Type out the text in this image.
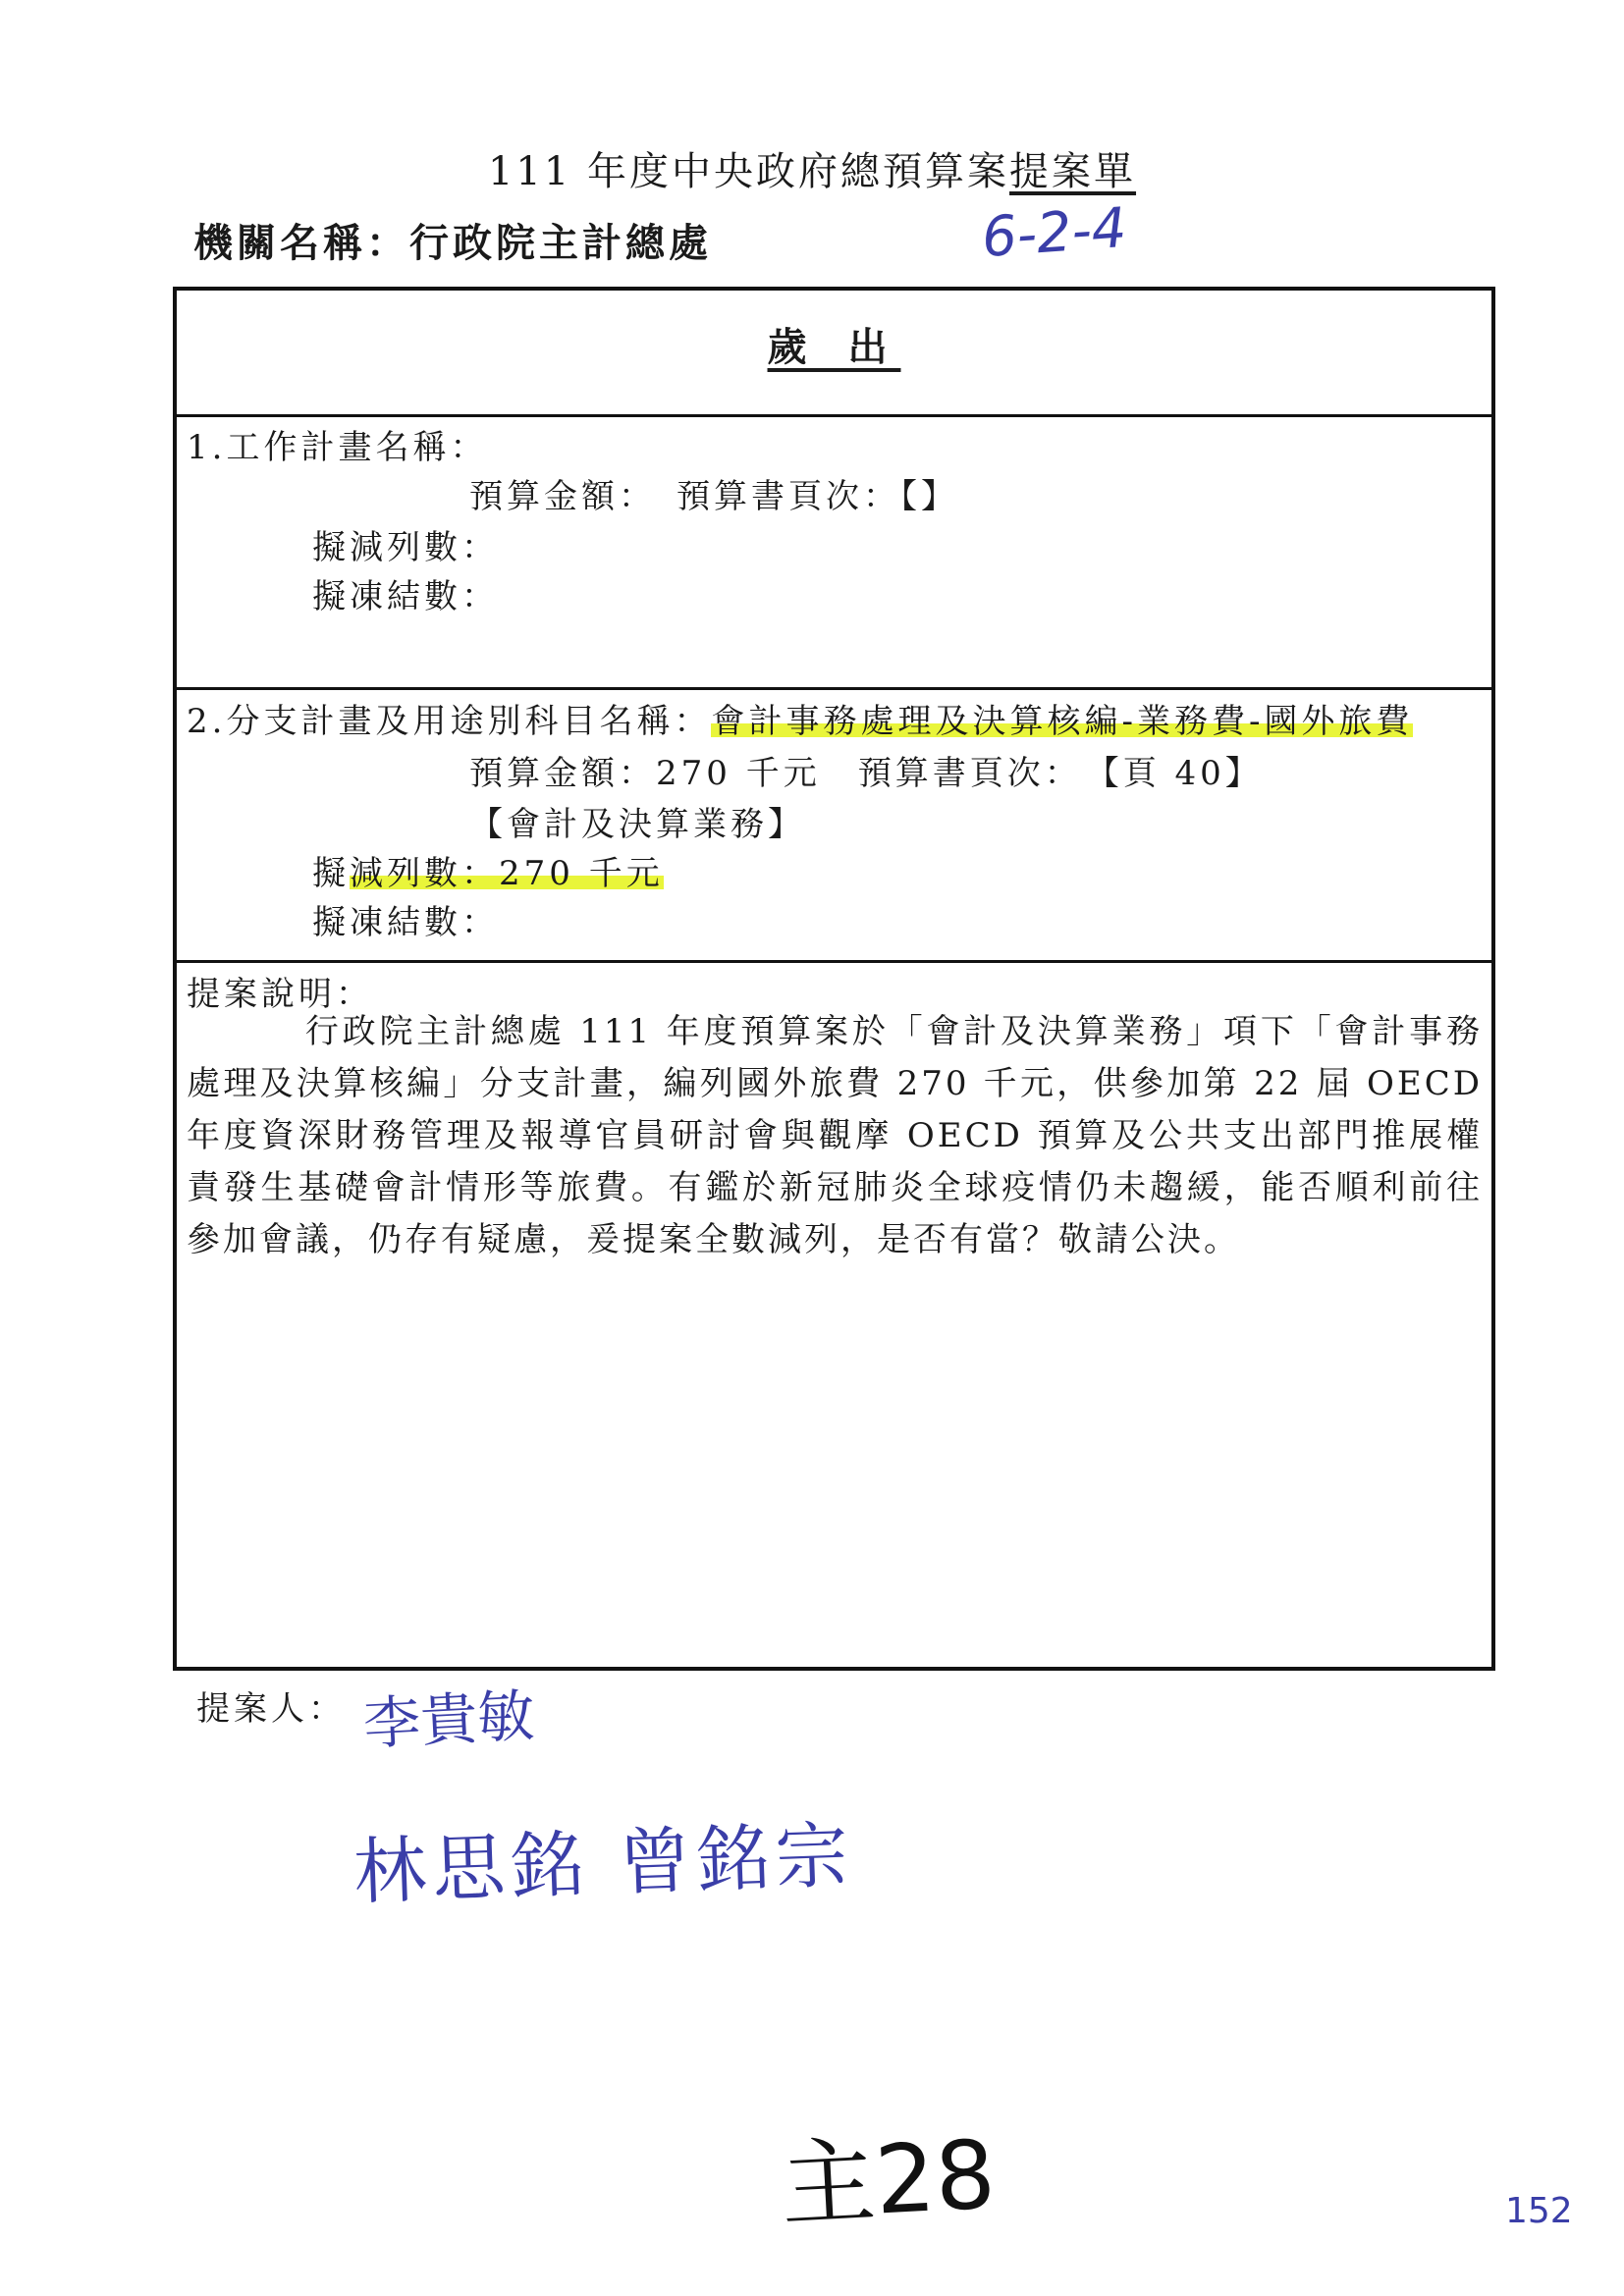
111 年度中央政府總預算案提案單
機關名稱：行政院主計總處	6-2-4
歲 出
1.工作計畫名稱：
預算金額：　預算書頁次：【】
擬減列數：
擬凍結數：
2.分支計畫及用途別科目名稱：會計事務處理及決算核編-業務費-國外旅費
預算金額：270 千元　預算書頁次：　【頁 40】
【會計及決算業務】
擬減列數：270 千元
擬凍結數：
提案說明：
行政院主計總處 111 年度預算案於「會計及決算業務」項下「會計事務處理及決算核編」分支計畫，編列國外旅費 270 千元，供參加第 22 屆 OECD 年度資深財務管理及報導官員研討會與觀摩 OECD 預算及公共支出部門推展權責發生基礎會計情形等旅費。有鑑於新冠肺炎全球疫情仍未趨緩，能否順利前往參加會議，仍存有疑慮，爰提案全數減列，是否有當？敬請公決。
提案人： 李貴敏
林思銘 曾銘宗
主28	152
